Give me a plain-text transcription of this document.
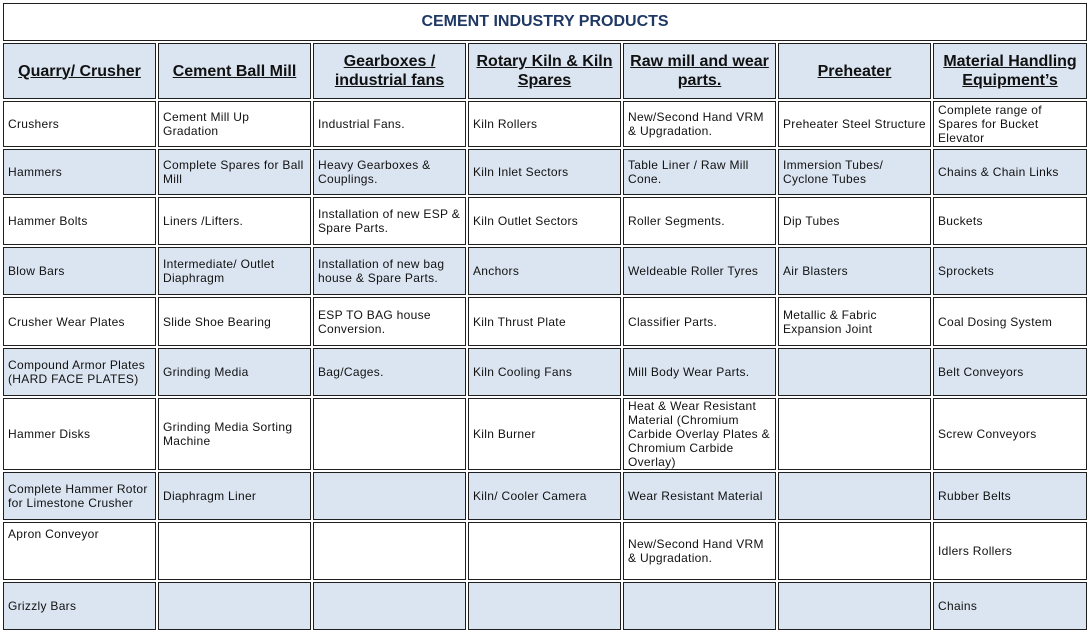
CEMENT INDUSTRY PRODUCTS						
Quarry/ Crusher	Cement Ball Mill	Gearboxes / industrial fans	Rotary Kiln & Kiln Spares	Raw mill and wear parts.	Preheater	Material Handling Equipment’s
Crushers	Cement Mill Up Gradation	Industrial Fans.	Kiln Rollers	New/Second Hand VRM & Upgradation.	Preheater Steel Structure	Complete range of Spares for Bucket Elevator
Hammers	Complete Spares for Ball Mill	Heavy Gearboxes & Couplings.	Kiln Inlet Sectors	Table Liner / Raw Mill Cone.	Immersion Tubes/ Cyclone Tubes	Chains & Chain Links
Hammer Bolts	Liners /Lifters.	Installation of new ESP & Spare Parts.	Kiln Outlet Sectors	Roller Segments.	Dip Tubes	Buckets
Blow Bars	Intermediate/ Outlet Diaphragm	Installation of new bag house & Spare Parts.	Anchors	Weldeable Roller Tyres	Air Blasters	Sprockets
Crusher Wear Plates	Slide Shoe Bearing	ESP TO BAG house Conversion.	Kiln Thrust Plate	Classifier Parts.	Metallic & Fabric Expansion Joint	Coal Dosing System
Compound Armor Plates (HARD FACE PLATES)	Grinding Media	Bag/Cages.	Kiln Cooling Fans	Mill Body Wear Parts.		Belt Conveyors
Hammer Disks	Grinding Media Sorting Machine		Kiln Burner	Heat & Wear Resistant Material (Chromium Carbide Overlay Plates & Chromium Carbide Overlay)		Screw Conveyors
Complete Hammer Rotor for Limestone Crusher	Diaphragm Liner		Kiln/ Cooler Camera	Wear Resistant Material		Rubber Belts
Apron Conveyor				New/Second Hand VRM & Upgradation.		Idlers Rollers
Grizzly Bars						Chains
